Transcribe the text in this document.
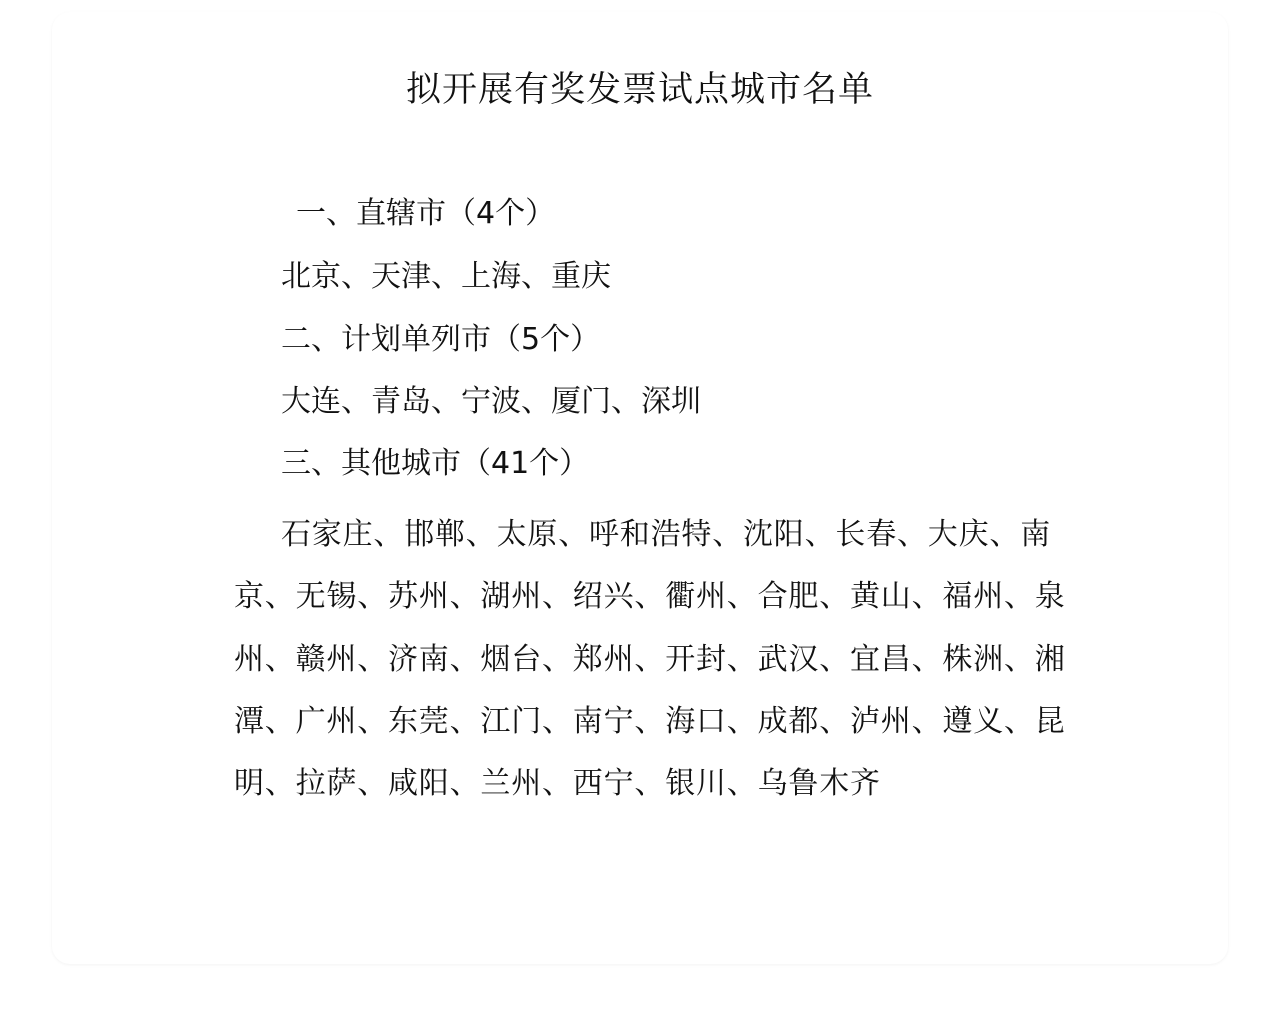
拟开展有奖发票试点城市名单

一、直辖市（4个）

北京、天津、上海、重庆

二、计划单列市（5个）

大连、青岛、宁波、厦门、深圳

三、其他城市（41个）

石家庄、邯郸、太原、呼和浩特、沈阳、长春、大庆、南京、无锡、苏州、湖州、绍兴、衢州、合肥、黄山、福州、泉州、赣州、济南、烟台、郑州、开封、武汉、宜昌、株洲、湘潭、广州、东莞、江门、南宁、海口、成都、泸州、遵义、昆明、拉萨、咸阳、兰州、西宁、银川、乌鲁木齐
